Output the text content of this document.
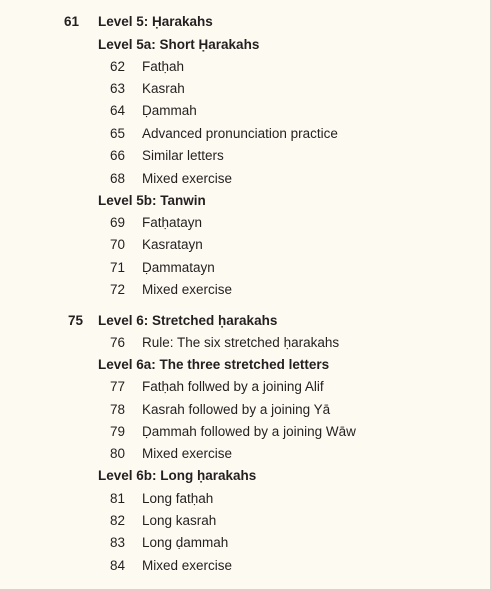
61 Level 5: Ḥarakahs
Level 5a: Short Ḥarakahs
62 Fatḥah
63 Kasrah
64 Ḍammah
65 Advanced pronunciation practice
66 Similar letters
68 Mixed exercise
Level 5b: Tanwin
69 Fatḥatayn
70 Kasratayn
71 Ḍammatayn
72 Mixed exercise
75 Level 6: Stretched ḥarakahs
76 Rule: The six stretched ḥarakahs
Level 6a: The three stretched letters
77 Fatḥah follwed by a joining Alif
78 Kasrah followed by a joining Yā
79 Ḍammah followed by a joining Wāw
80 Mixed exercise
Level 6b: Long ḥarakahs
81 Long fatḥah
82 Long kasrah
83 Long ḍammah
84 Mixed exercise
